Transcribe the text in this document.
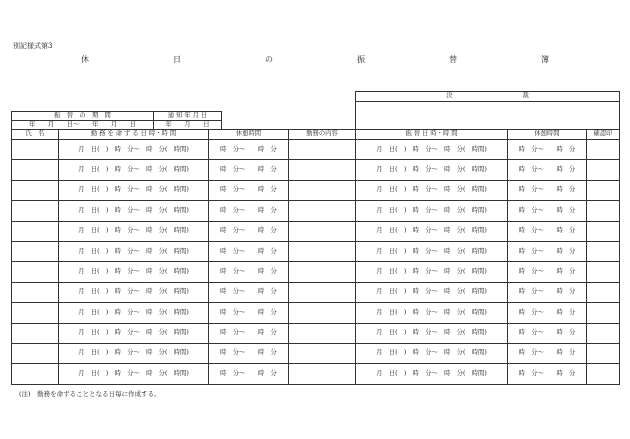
別記様式第3
休　日　の　振　替　簿
決	裁

振　替　の　期　間	通 知 年 月 日
年　　月　　日〜　　年　　月　　日	年　　月　　日
氏　名	勤 務 を 命 ず る 日 時・時 間	休憩時間	勤務の内容	振 替 日 時・時 間	休憩時間	確認印
	月　日(　)　時　分〜　時　分(　時間)	時　分〜　　時　分		月　日(　)　時　分〜　時　分(　時間)	時　分〜　　時　分	
	月　日(　)　時　分〜　時　分(　時間)	時　分〜　　時　分		月　日(　)　時　分〜　時　分(　時間)	時　分〜　　時　分	
	月　日(　)　時　分〜　時　分(　時間)	時　分〜　　時　分		月　日(　)　時　分〜　時　分(　時間)	時　分〜　　時　分	
	月　日(　)　時　分〜　時　分(　時間)	時　分〜　　時　分		月　日(　)　時　分〜　時　分(　時間)	時　分〜　　時　分	
	月　日(　)　時　分〜　時　分(　時間)	時　分〜　　時　分		月　日(　)　時　分〜　時　分(　時間)	時　分〜　　時　分	
	月　日(　)　時　分〜　時　分(　時間)	時　分〜　　時　分		月　日(　)　時　分〜　時　分(　時間)	時　分〜　　時　分	
	月　日(　)　時　分〜　時　分(　時間)	時　分〜　　時　分		月　日(　)　時　分〜　時　分(　時間)	時　分〜　　時　分	
	月　日(　)　時　分〜　時　分(　時間)	時　分〜　　時　分		月　日(　)　時　分〜　時　分(　時間)	時　分〜　　時　分	
	月　日(　)　時　分〜　時　分(　時間)	時　分〜　　時　分		月　日(　)　時　分〜　時　分(　時間)	時　分〜　　時　分	
	月　日(　)　時　分〜　時　分(　時間)	時　分〜　　時　分		月　日(　)　時　分〜　時　分(　時間)	時　分〜　　時　分	
	月　日(　)　時　分〜　時　分(　時間)	時　分〜　　時　分		月　日(　)　時　分〜　時　分(　時間)	時　分〜　　時　分	
	月　日(　)　時　分〜　時　分(　時間)	時　分〜　　時　分		月　日(　)　時　分〜　時　分(　時間)	時　分〜　　時　分	
(注)　勤務を命ずることとなる日毎に作成する。
